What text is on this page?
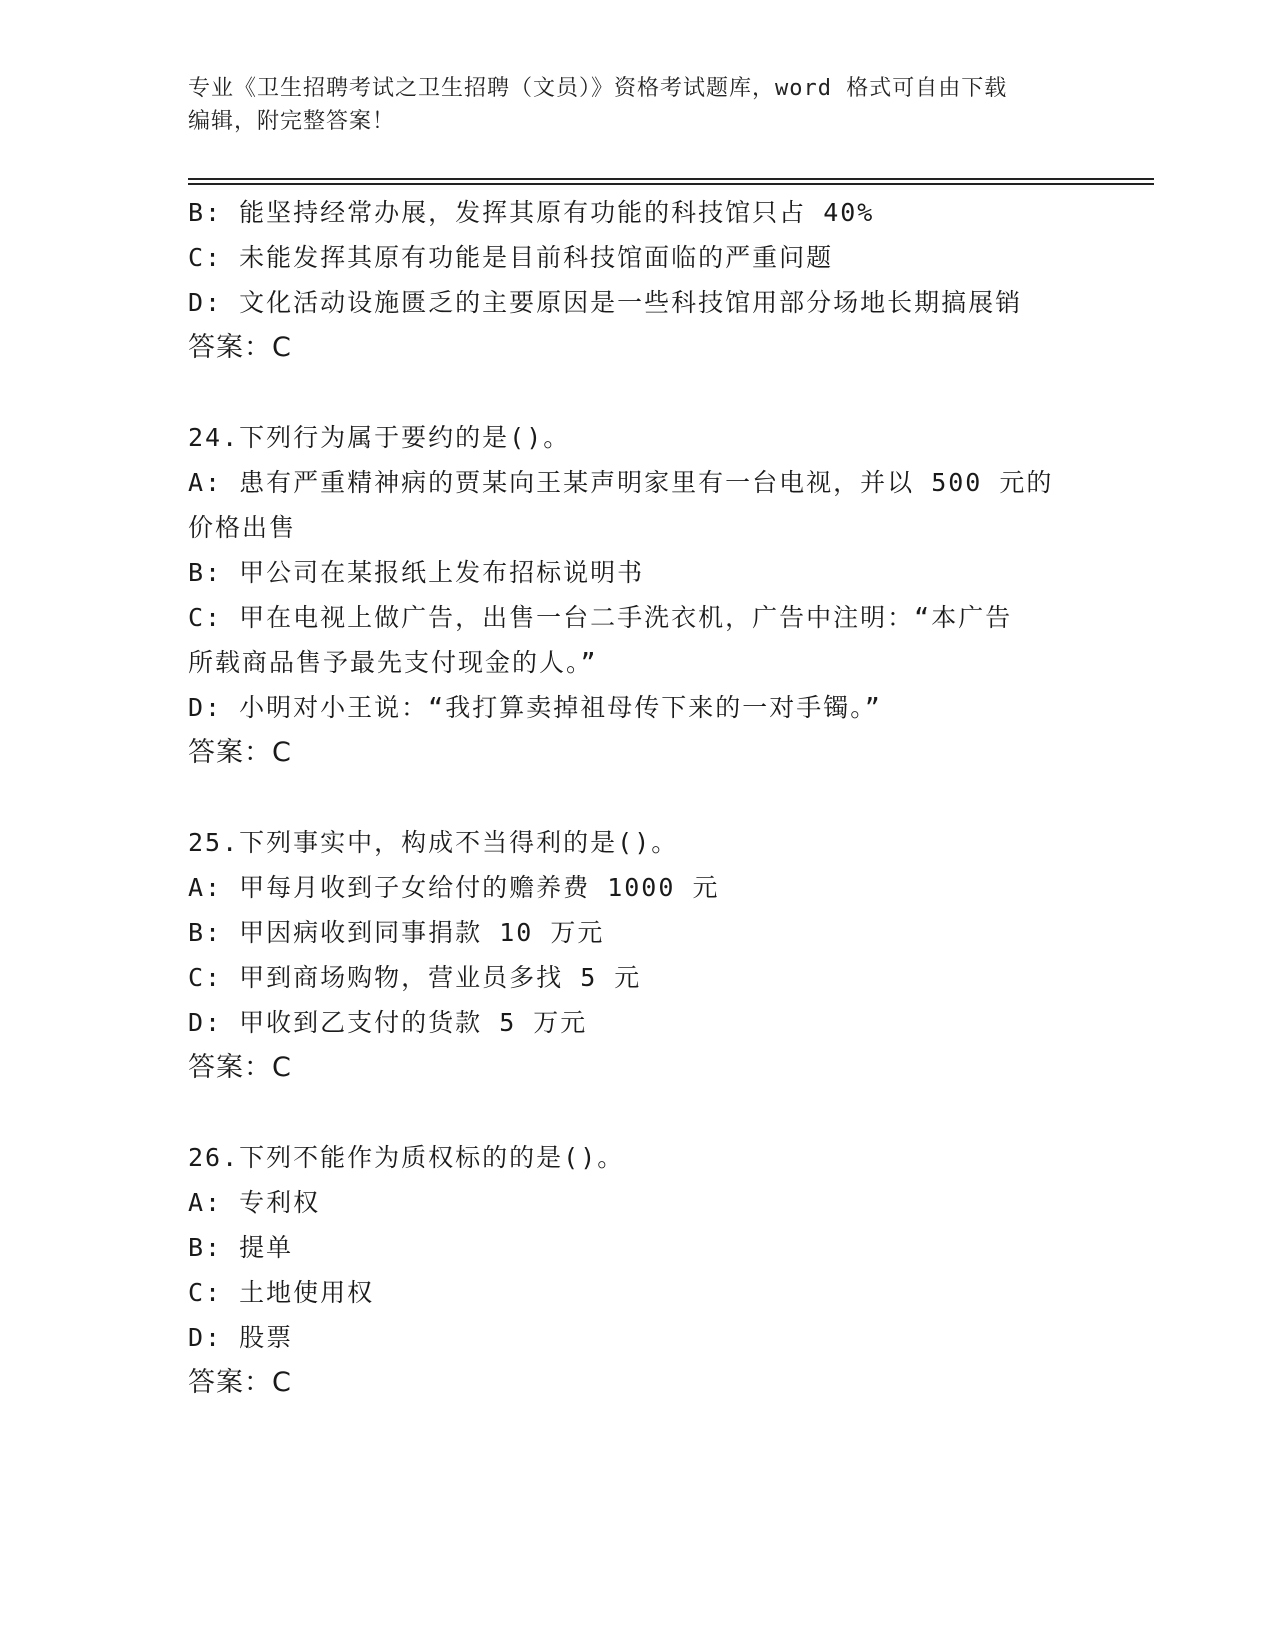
专业《卫生招聘考试之卫生招聘（文员）》资格考试题库，word 格式可自由下载
编辑，附完整答案！
B: 能坚持经常办展，发挥其原有功能的科技馆只占 40%
C: 未能发挥其原有功能是目前科技馆面临的严重问题
D: 文化活动设施匮乏的主要原因是一些科技馆用部分场地长期搞展销
答案：C
24.下列行为属于要约的是()。
A: 患有严重精神病的贾某向王某声明家里有一台电视，并以 500 元的
价格出售
B: 甲公司在某报纸上发布招标说明书
C: 甲在电视上做广告，出售一台二手洗衣机，广告中注明：“本广告
所载商品售予最先支付现金的人。”
D: 小明对小王说：“我打算卖掉祖母传下来的一对手镯。”
答案：C
25.下列事实中，构成不当得利的是()。
A: 甲每月收到子女给付的赡养费 1000 元
B: 甲因病收到同事捐款 10 万元
C: 甲到商场购物，营业员多找 5 元
D: 甲收到乙支付的货款 5 万元
答案：C
26.下列不能作为质权标的的是()。
A: 专利权
B: 提单
C: 土地使用权
D: 股票
答案：C
